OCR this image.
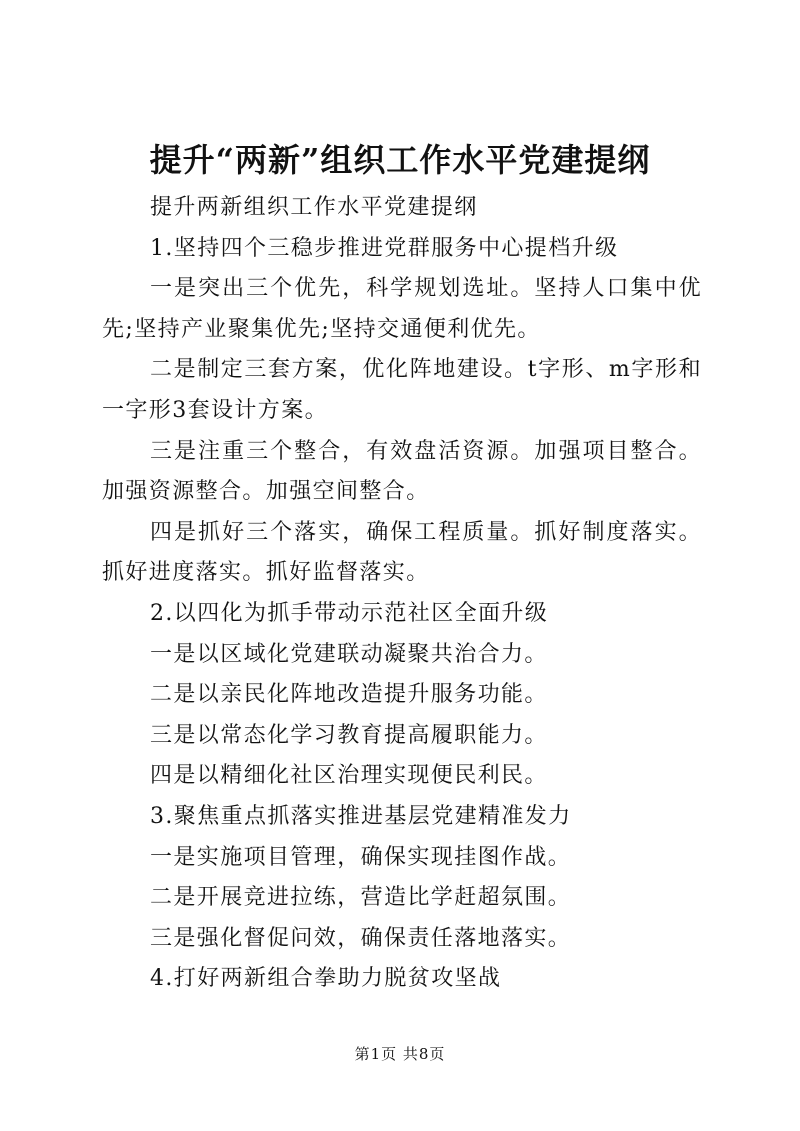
提升“两新”组织工作水平党建提纲

提升两新组织工作水平党建提纲

1.坚持四个三稳步推进党群服务中心提档升级

一是突出三个优先，科学规划选址。坚持人口集中优先;坚持产业聚集优先;坚持交通便利优先。

二是制定三套方案，优化阵地建设。t字形、m字形和一字形3套设计方案。

三是注重三个整合，有效盘活资源。加强项目整合。加强资源整合。加强空间整合。

四是抓好三个落实，确保工程质量。抓好制度落实。抓好进度落实。抓好监督落实。

2.以四化为抓手带动示范社区全面升级

一是以区域化党建联动凝聚共治合力。

二是以亲民化阵地改造提升服务功能。

三是以常态化学习教育提高履职能力。

四是以精细化社区治理实现便民利民。

3.聚焦重点抓落实推进基层党建精准发力

一是实施项目管理，确保实现挂图作战。

二是开展竞进拉练，营造比学赶超氛围。

三是强化督促问效，确保责任落地落实。

4.打好两新组合拳助力脱贫攻坚战

第1页 共8页
